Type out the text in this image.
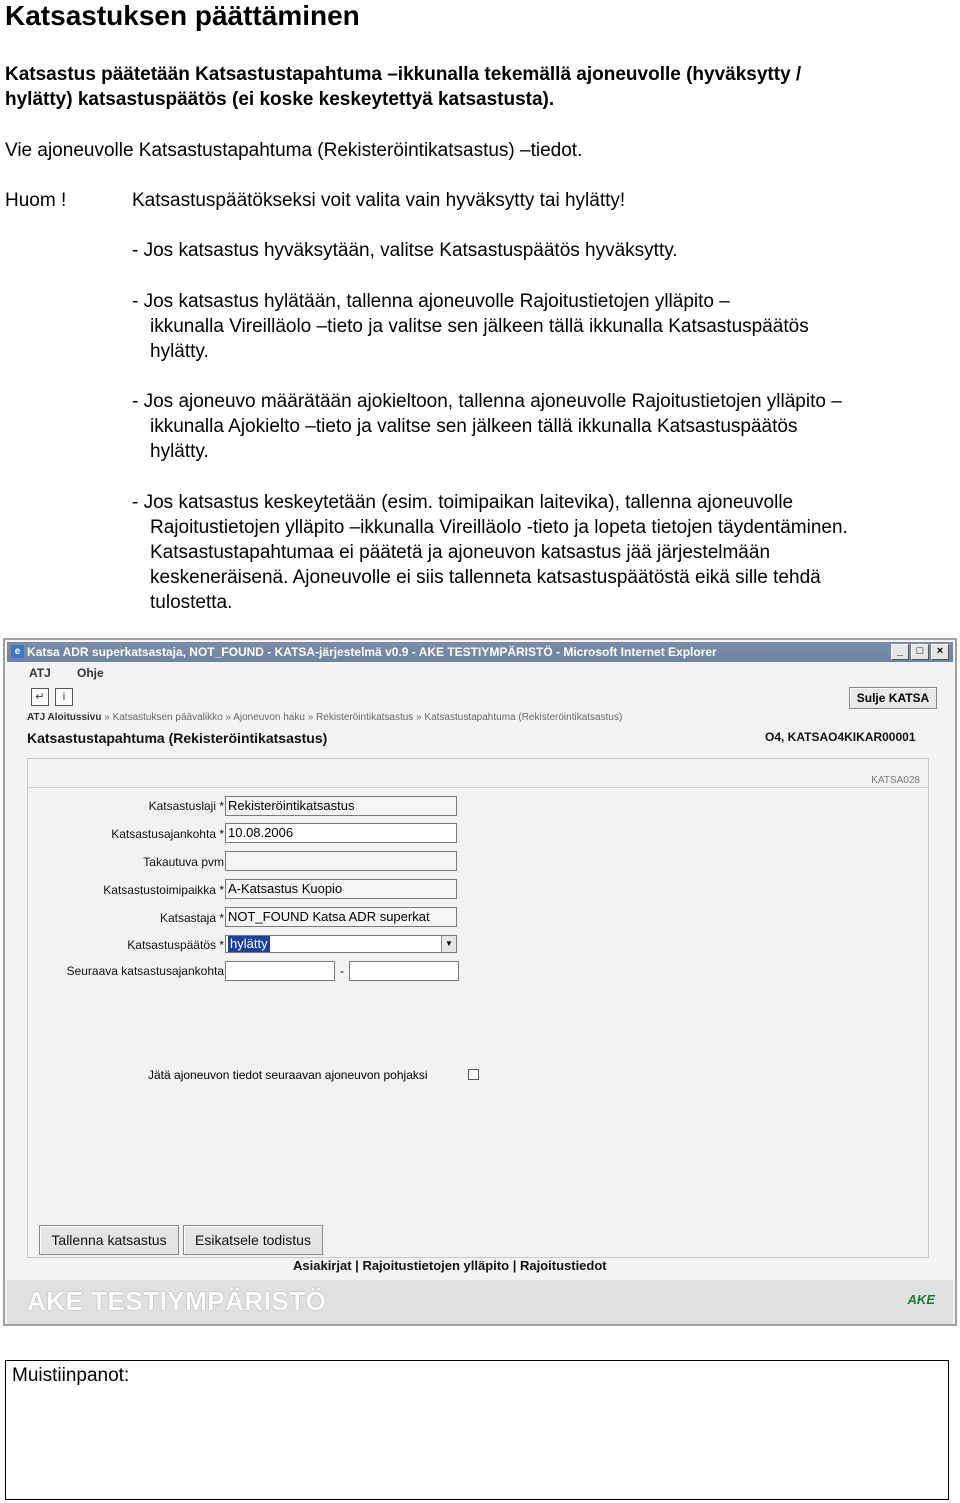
Katsastuksen päättäminen
Katsastus päätetään Katsastustapahtuma –ikkunalla tekemällä ajoneuvolle (hyväksytty /
hylätty) katsastuspäätös (ei koske keskeytettyä katsastusta).
Vie ajoneuvolle Katsastustapahtuma (Rekisteröintikatsastus) –tiedot.
Huom !	Katsastuspäätökseksi voit valita vain hyväksytty tai hylätty!
- Jos katsastus hyväksytään, valitse Katsastuspäätös hyväksytty.
- Jos katsastus hylätään, tallenna ajoneuvolle Rajoitustietojen ylläpito –
ikkunalla Vireilläolo –tieto ja valitse sen jälkeen tällä ikkunalla Katsastuspäätös
hylätty.
- Jos ajoneuvo määrätään ajokieltoon, tallenna ajoneuvolle Rajoitustietojen ylläpito –
ikkunalla Ajokielto –tieto ja valitse sen jälkeen tällä ikkunalla Katsastuspäätös
hylätty.
- Jos katsastus keskeytetään (esim. toimipaikan laitevika), tallenna ajoneuvolle
Rajoitustietojen ylläpito –ikkunalla Vireilläolo -tieto ja lopeta tietojen täydentäminen.
Katsastustapahtumaa ei päätetä ja ajoneuvon katsastus jää järjestelmään
keskeneräisenä. Ajoneuvolle ei siis tallenneta katsastuspäätöstä eikä sille tehdä
tulostetta.
e Katsa ADR superkatsastaja, NOT_FOUND - KATSA-järjestelmä v0.9 - AKE TESTIYMPÄRISTÖ - Microsoft Internet Explorer	_	□	×
ATJ Ohje
↵	i	Sulje KATSA
ATJ Aloitussivu » Katsastuksen päävalikko » Ajoneuvon haku » Rekisteröintikatsastus » Katsastustapahtuma (Rekisteröintikatsastus)
Katsastustapahtuma (Rekisteröintikatsastus)	O4, KATSAO4KIKAR00001
KATSA028
Katsastuslaji * Rekisteröintikatsastus
Katsastusajankohta * 10.08.2006
Takautuva pvm
Katsastustoimipaikka * A-Katsastus Kuopio
Katsastaja * NOT_FOUND Katsa ADR superkat
Katsastuspäätös * hylätty	▼
Seuraava katsastusajankohta	-
Jätä ajoneuvon tiedot seuraavan ajoneuvon pohjaksi
Tallenna katsastus	Esikatsele todistus
Asiakirjat | Rajoitustietojen ylläpito | Rajoitustiedot
AKE TESTIYMPÄRISTÖ	AKE
Muistiinpanot:
